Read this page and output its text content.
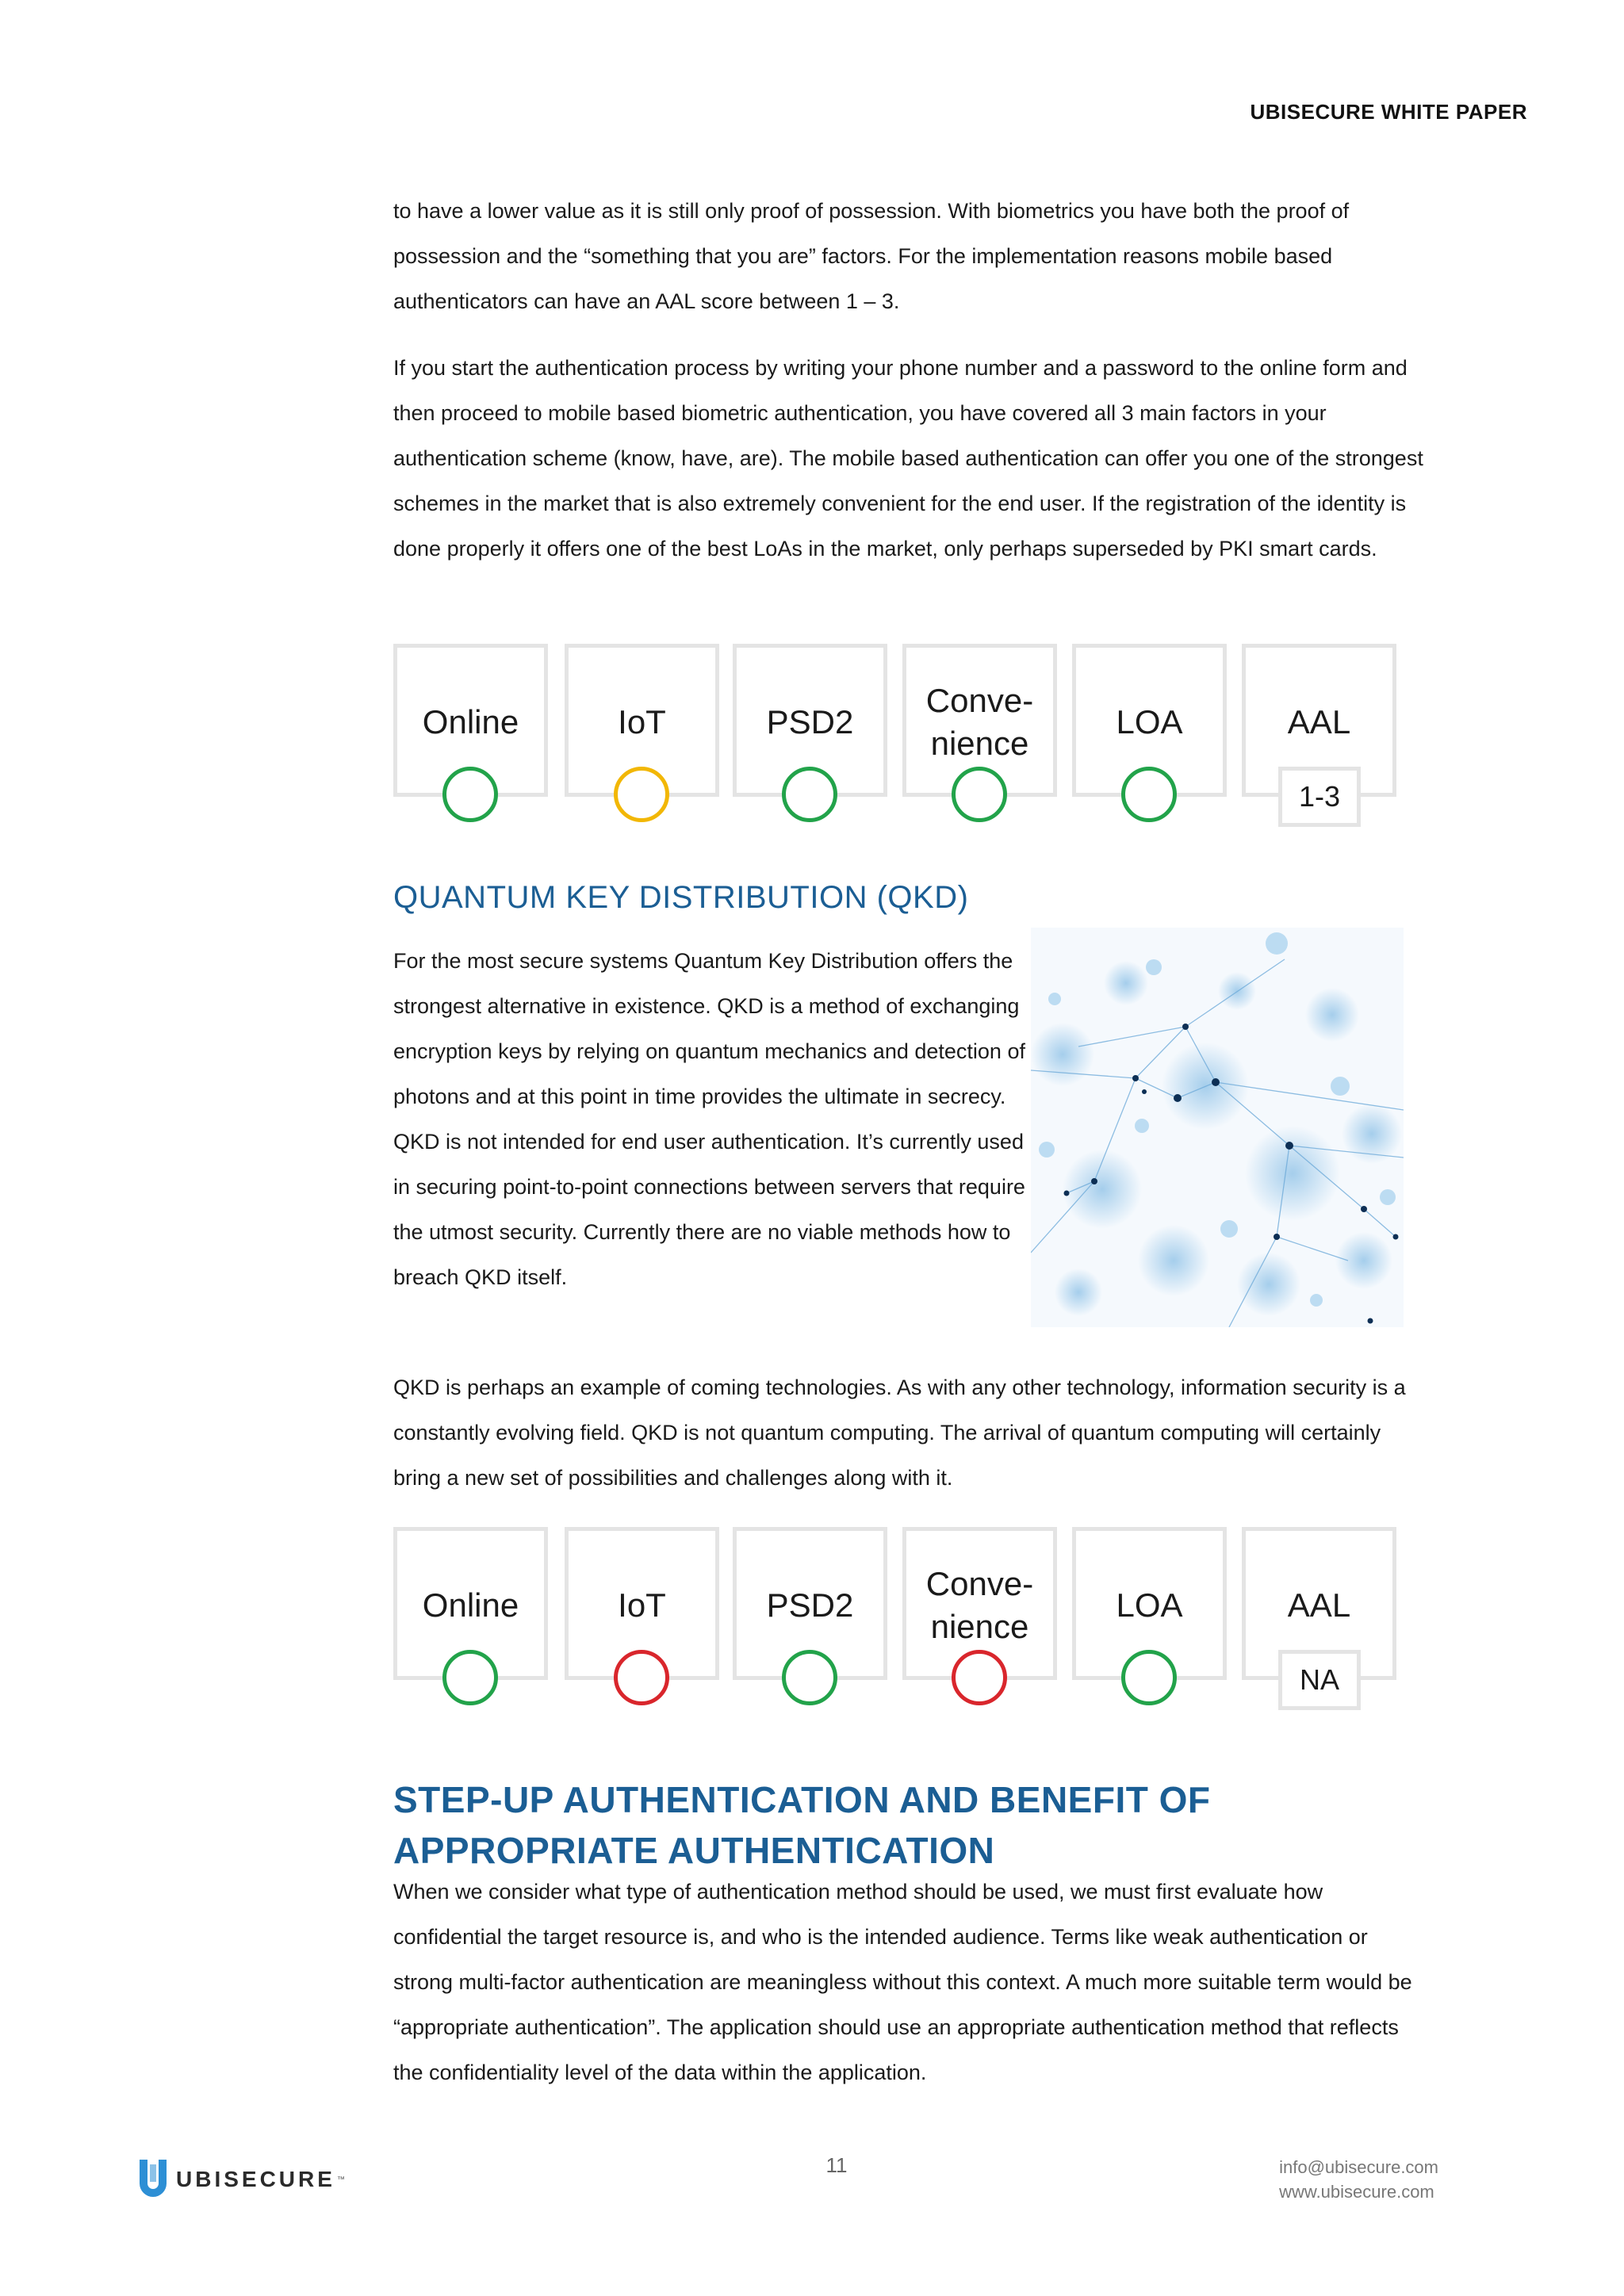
UBISECURE WHITE PAPER

to have a lower value as it is still only proof of possession. With biometrics you have both the proof of possession and the “something that you are” factors. For the implementation reasons mobile based authenticators can have an AAL score between 1 – 3.

If you start the authentication process by writing your phone number and a password to the online form and then proceed to mobile based biometric authentication, you have covered all 3 main factors in your authentication scheme (know, have, are). The mobile based authentication can offer you one of the strongest schemes in the market that is also extremely convenient for the end user. If the registration of the identity is done properly it offers one of the best LoAs in the market, only perhaps superseded by PKI smart cards.

Online	IoT	PSD2
Conve-
nience
LOA	AAL
1-3
QUANTUM KEY DISTRIBUTION (QKD)

For the most secure systems Quantum Key Distribution offers the strongest alternative in existence. QKD is a method of exchanging encryption keys by relying on quantum mechanics and detection of photons and at this point in time provides the ultimate in secrecy. QKD is not intended for end user authentication. It’s currently used in securing point-to-point connections between servers that require the utmost security. Currently there are no viable methods how to breach QKD itself.

QKD is perhaps an example of coming technologies. As with any other technology, information security is a constantly evolving field. QKD is not quantum computing. The arrival of quantum computing will certainly bring a new set of possibilities and challenges along with it.

Online	IoT	PSD2
Conve-
nience
LOA	AAL
NA
STEP-UP AUTHENTICATION AND BENEFIT OF APPROPRIATE AUTHENTICATION

When we consider what type of authentication method should be used, we must first evaluate how confidential the target resource is, and who is the intended audience. Terms like weak authentication or strong multi-factor authentication are meaningless without this context. A much more suitable term would be “appropriate authentication”. The application should use an appropriate authentication method that reflects the confidentiality level of the data within the application.

UBISECURE ™
11	info@ubisecure.com
www.ubisecure.com
